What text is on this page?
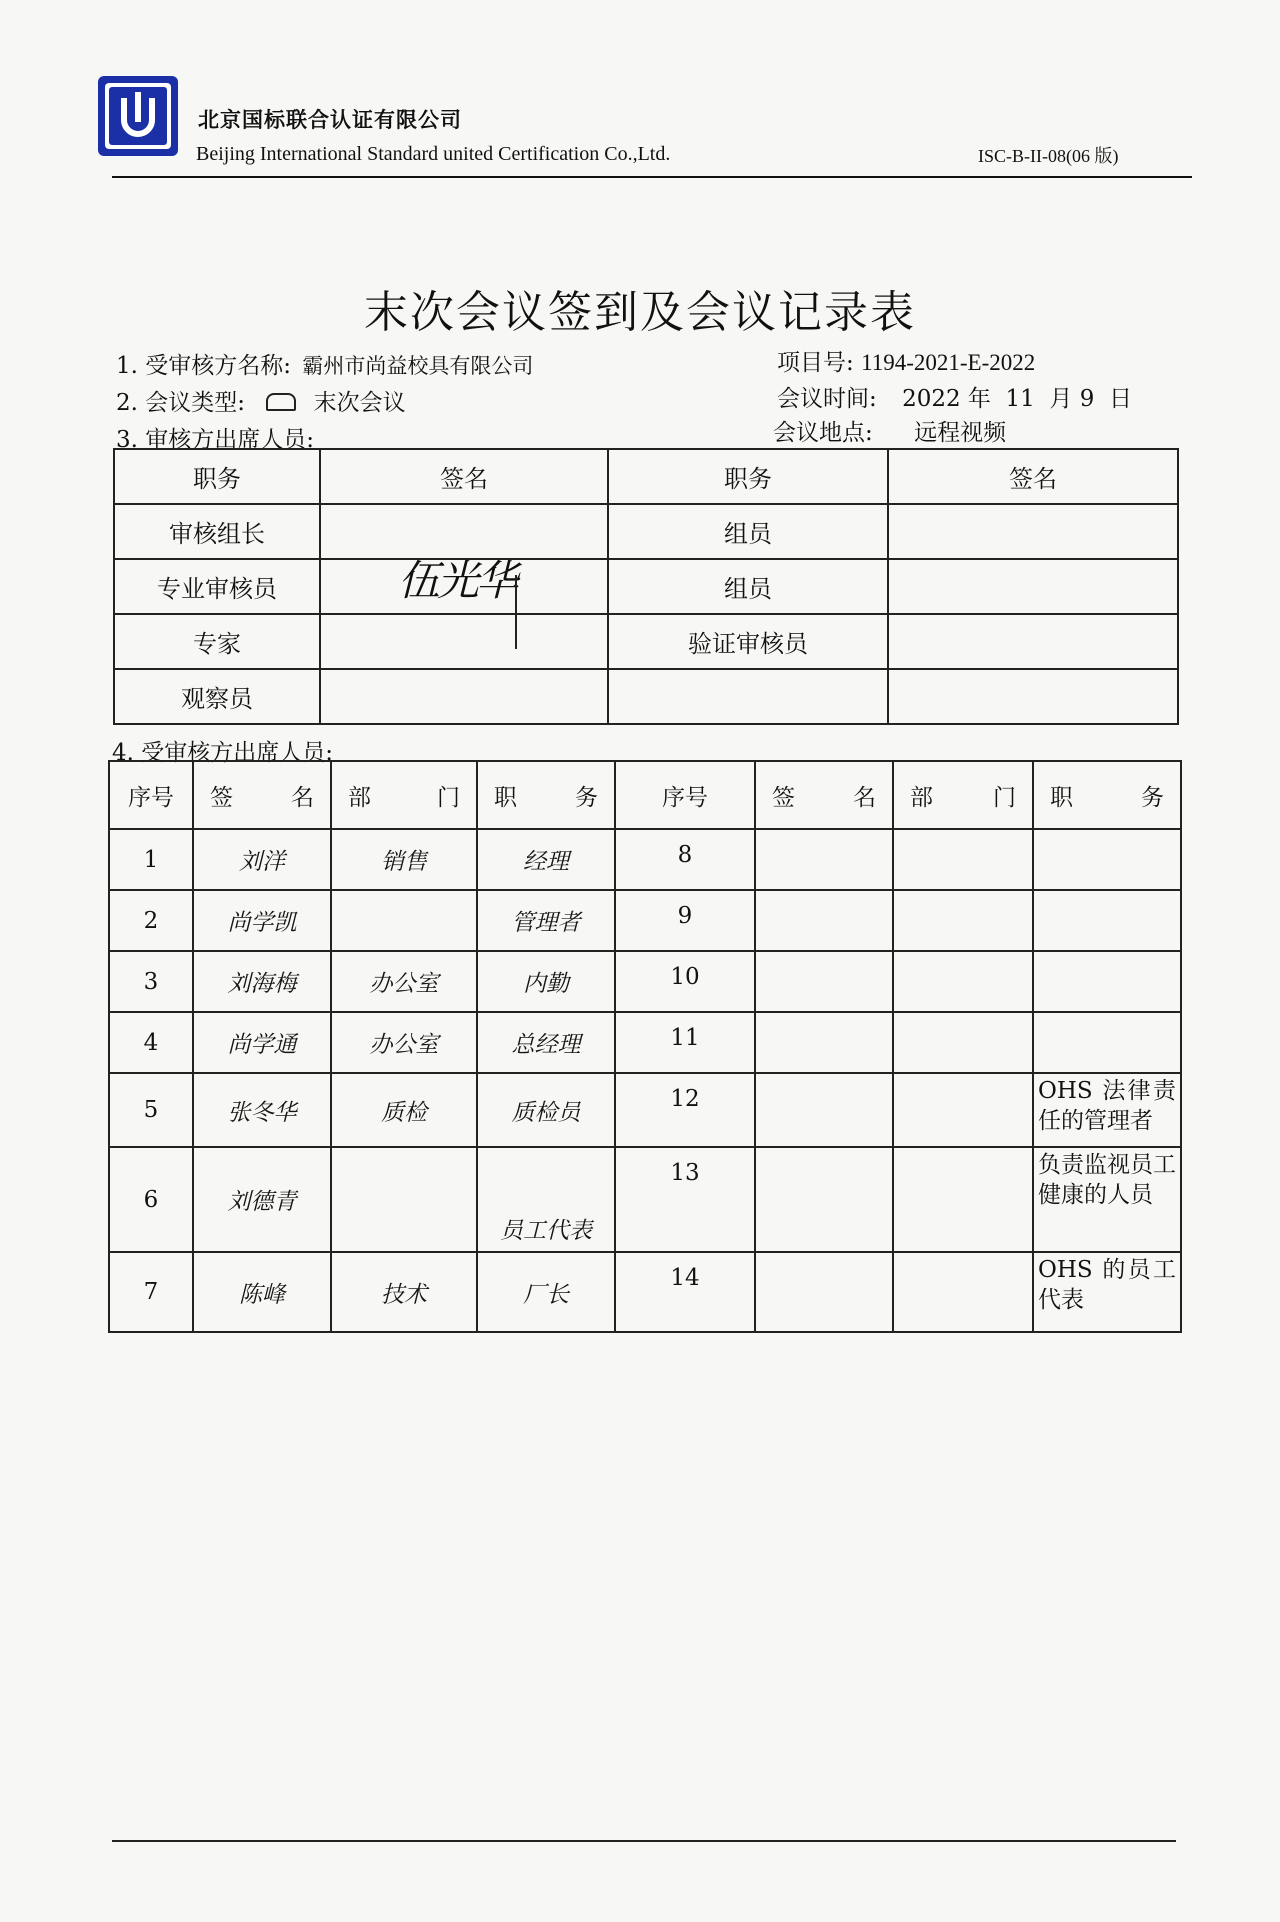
北京国标联合认证有限公司
Beijing International Standard united Certification Co.,Ltd.	ISC-B-II-08(06 版)
末次会议签到及会议记录表
1. 受审核方名称: 霸州市尚益校具有限公司	项目号: 1194-2021-E-2022
2. 会议类型:	末次会议	会议时间: 2022 年  11  月 9  日
3. 审核方出席人员:	会议地点: 远程视频
职务	签名	职务	签名
审核组长		组员	
专业审核员		组员	
专家		验证审核员	
观察员			
伍光华
4. 受审核方出席人员:
序号	签 名	部 门	职 务	序号	签 名	部 门	职 务

1	刘洋	销售	经理	8			
2	尚学凯		管理者	9			
3	刘海梅	办公室	内勤	10			
4	尚学通	办公室	总经理	11			
5	张冬华	质检	质检员	12			OHS 法律责任的管理者
6	刘德青		员工代表	13			负责监视员工健康的人员
7	陈峰	技术	厂长	14			OHS 的员工代表
